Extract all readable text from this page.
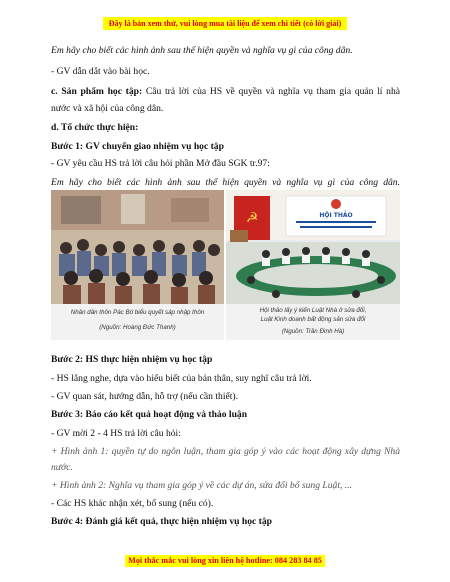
Đây là bản xem thử, vui lòng mua tài liệu để xem chi tiết (có lời giải)
Em hãy cho biết các hình ảnh sau thể hiện quyền và nghĩa vụ gì của công dân.
- GV dẫn dắt vào bài học.
c. Sản phẩm học tập: Câu trả lời của HS về quyền và nghĩa vụ tham gia quản lí nhà
nước và xã hội của công dân.
d. Tổ chức thực hiện:
Bước 1: GV chuyển giao nhiệm vụ học tập
- GV yêu cầu HS trả lời câu hỏi phần Mở đầu SGK tr.97:
Em hãy cho biết các hình ảnh sau thể hiện quyền và nghĩa vụ gì của công dân.
Nhân dân thôn Pác Bó biểu quyết sáp nhập thôn
(Nguồn: Hoàng Đức Thanh)
☭	HỘI THẢO
Hội thảo lấy ý kiến Luật Nhà ở sửa đổi,
Luật Kinh doanh bất động sản sửa đổi
(Nguồn: Trần Đình Hà)
Bước 2: HS thực hiện nhiệm vụ học tập
- HS lắng nghe, dựa vào hiểu biết của bản thân, suy nghĩ câu trả lời.
- GV quan sát, hướng dẫn, hỗ trợ (nếu cần thiết).
Bước 3: Báo cáo kết quả hoạt động và thảo luận
- GV mời 2 - 4 HS trả lời câu hỏi:
+ Hình ảnh 1: quyền tự do ngôn luận, tham gia góp ý vào các hoạt động xây dựng Nhà
nước.
+ Hình ảnh 2: Nghĩa vụ tham gia góp ý về các dự án, sửa đổi bổ sung Luật, ...
- Các HS khác nhận xét, bổ sung (nếu có).
Bước 4: Đánh giá kết quả, thực hiện nhiệm vụ học tập
Mọi thắc mắc vui lòng xin liên hệ hotline: 084 283 84 85
